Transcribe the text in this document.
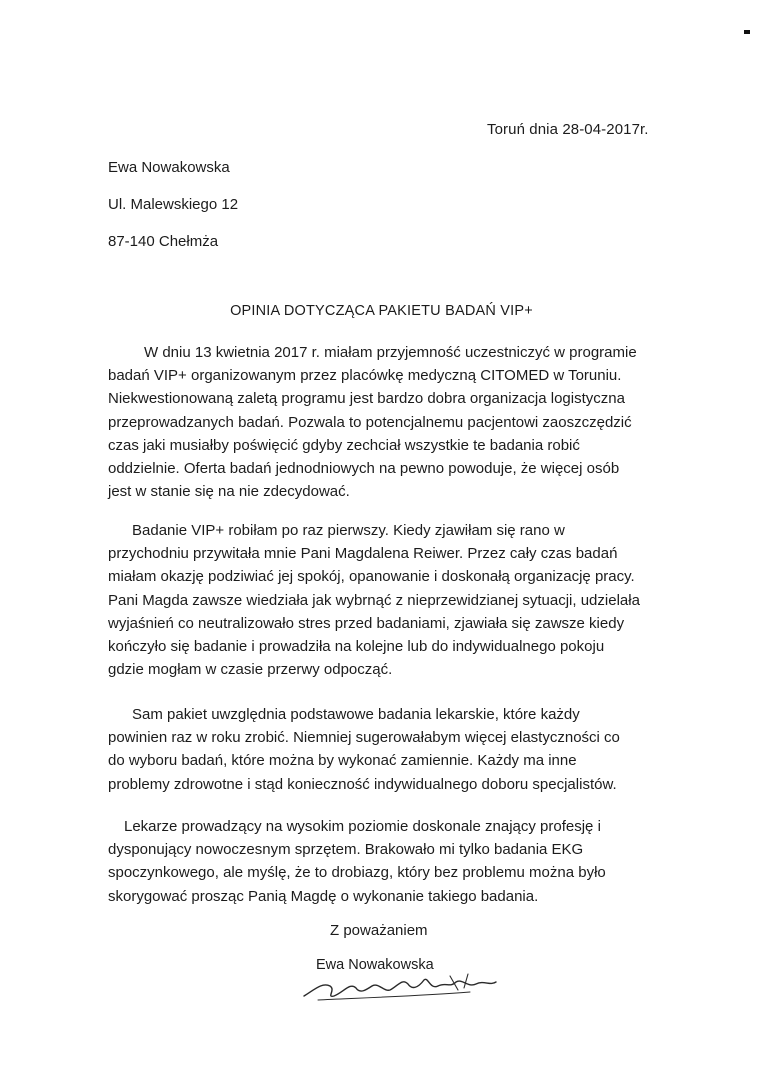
Toruń dnia 28-04-2017r.
Ewa Nowakowska
Ul. Malewskiego 12
87-140 Chełmża
OPINIA DOTYCZĄCA PAKIETU BADAŃ VIP+
W dniu 13 kwietnia 2017 r. miałam przyjemność uczestniczyć w programie
badań VIP+ organizowanym przez placówkę medyczną CITOMED w Toruniu.
Niekwestionowaną zaletą programu jest bardzo dobra organizacja logistyczna
przeprowadzanych badań. Pozwala to potencjalnemu pacjentowi zaoszczędzić
czas jaki musiałby poświęcić gdyby zechciał wszystkie te badania robić
oddzielnie. Oferta badań jednodniowych na pewno powoduje, że więcej osób
jest w stanie się na nie zdecydować.
Badanie VIP+ robiłam po raz pierwszy. Kiedy zjawiłam się rano w
przychodniu przywitała mnie Pani Magdalena Reiwer. Przez cały czas badań
miałam okazję podziwiać jej spokój, opanowanie i doskonałą organizację pracy.
Pani Magda zawsze wiedziała jak wybrnąć z nieprzewidzianej sytuacji, udzielała
wyjaśnień co neutralizowało stres przed badaniami, zjawiała się zawsze kiedy
kończyło się badanie i prowadziła na kolejne lub do indywidualnego pokoju
gdzie mogłam w czasie przerwy odpocząć.
Sam pakiet uwzględnia podstawowe badania lekarskie, które każdy
powinien raz w roku zrobić. Niemniej sugerowałabym więcej elastyczności co
do wyboru badań, które można by wykonać zamiennie. Każdy ma inne
problemy zdrowotne i stąd konieczność indywidualnego doboru specjalistów.
Lekarze prowadzący na wysokim poziomie doskonale znający profesję i
dysponujący nowoczesnym sprzętem. Brakowało mi tylko badania EKG
spoczynkowego, ale myślę, że to drobiazg, który bez problemu można było
skorygować prosząc Panią Magdę o wykonanie takiego badania.
Z poważaniem
Ewa Nowakowska
